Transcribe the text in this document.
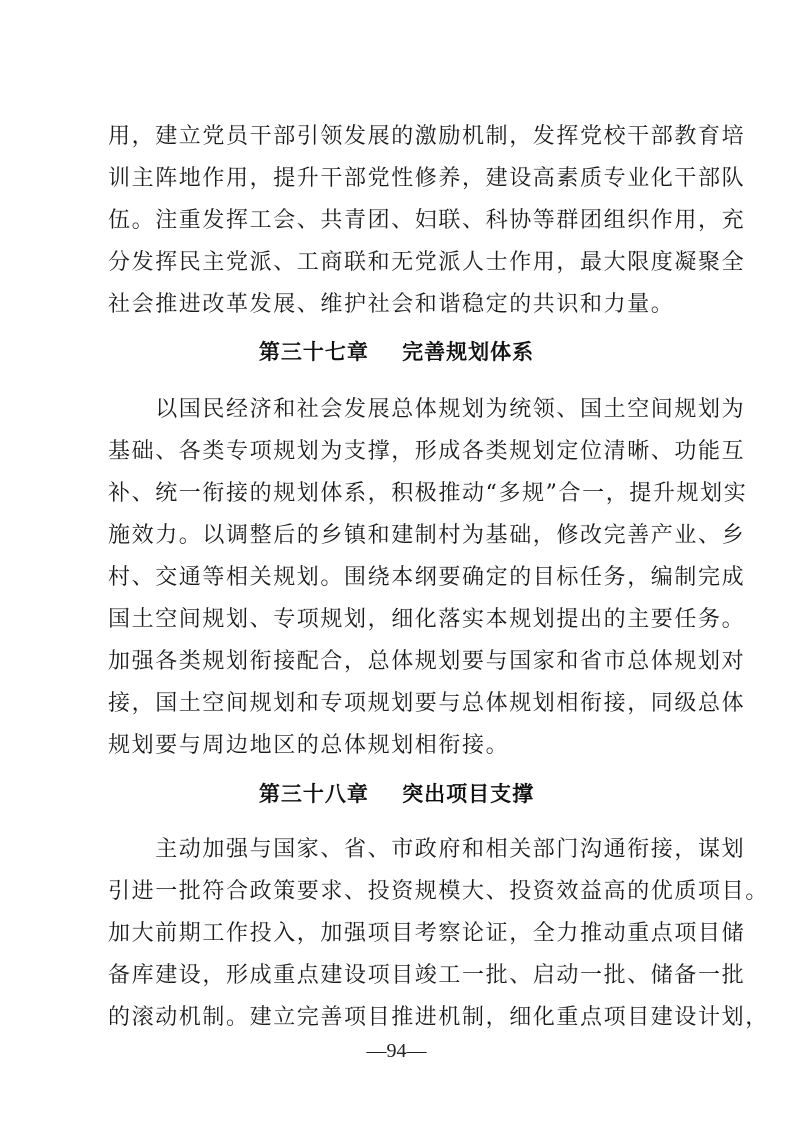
用，建立党员干部引领发展的激励机制，发挥党校干部教育培
训主阵地作用，提升干部党性修养，建设高素质专业化干部队
伍。注重发挥工会、共青团、妇联、科协等群团组织作用，充
分发挥民主党派、工商联和无党派人士作用，最大限度凝聚全
社会推进改革发展、维护社会和谐稳定的共识和力量。
第三十七章    完善规划体系
　　以国民经济和社会发展总体规划为统领、国土空间规划为
基础、各类专项规划为支撑，形成各类规划定位清晰、功能互
补、统一衔接的规划体系，积极推动“多规”合一，提升规划实
施效力。以调整后的乡镇和建制村为基础，修改完善产业、乡
村、交通等相关规划。围绕本纲要确定的目标任务，编制完成
国土空间规划、专项规划，细化落实本规划提出的主要任务。
加强各类规划衔接配合，总体规划要与国家和省市总体规划对
接，国土空间规划和专项规划要与总体规划相衔接，同级总体
规划要与周边地区的总体规划相衔接。
第三十八章    突出项目支撑
　　主动加强与国家、省、市政府和相关部门沟通衔接，谋划
引进一批符合政策要求、投资规模大、投资效益高的优质项目。
加大前期工作投入，加强项目考察论证，全力推动重点项目储
备库建设，形成重点建设项目竣工一批、启动一批、储备一批
的滚动机制。建立完善项目推进机制，细化重点项目建设计划，
—94—
